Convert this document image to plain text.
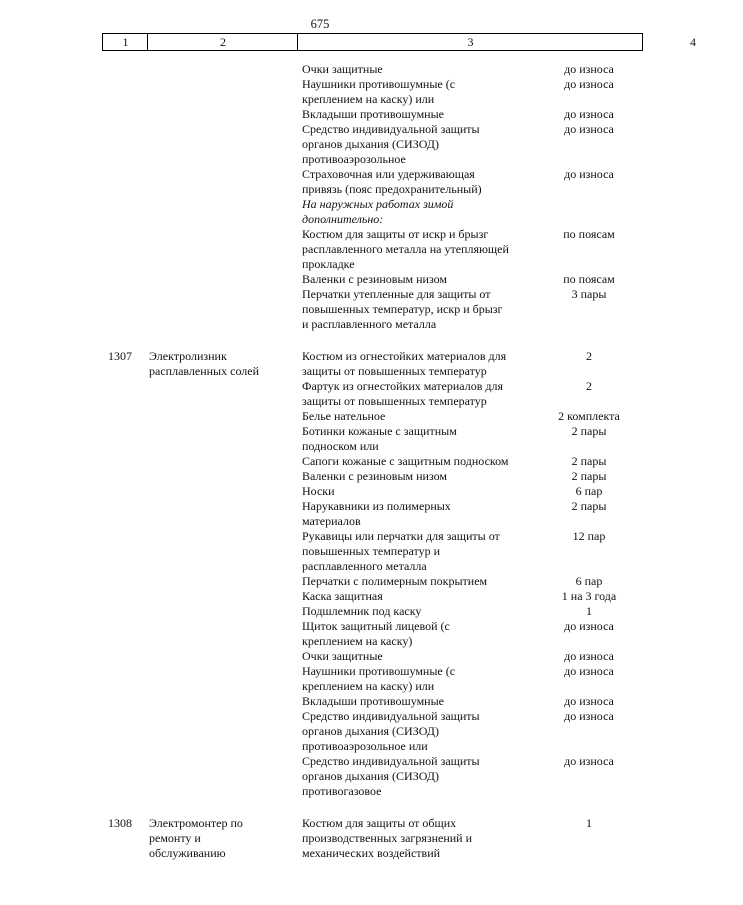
675
1	2	3	4
Очки защитные	до износа
Наушники противошумные (с
креплением на каску) или
до износа
Вкладыши противошумные	до износа
Средство индивидуальной защиты
органов дыхания (СИЗОД)
противоаэрозольное
до износа
Страховочная или удерживающая
привязь (пояс предохранительный)
до износа
На наружных работах зимой
дополнительно:
Костюм для защиты от искр и брызг
расплавленного металла на утепляющей
прокладке
по поясам
Валенки с резиновым низом	по поясам
Перчатки утепленные для защиты от
повышенных температур, искр и брызг
и расплавленного металла
3 пары
1307	Электролизник
расплавленных солей
Костюм из огнестойких материалов для
защиты от повышенных температур
2
Фартук из огнестойких материалов для
защиты от повышенных температур
2
Белье нательное	2 комплекта
Ботинки кожаные с защитным
подноском или
2 пары
Сапоги кожаные с защитным подноском	2 пары
Валенки с резиновым низом	2 пары
Носки	6 пар
Нарукавники из полимерных
материалов
2 пары
Рукавицы или перчатки для защиты от
повышенных температур и
расплавленного металла
12 пар
Перчатки с полимерным покрытием	6 пар
Каска защитная	1 на 3 года
Подшлемник под каску	1
Щиток защитный лицевой (с
креплением на каску)
до износа
Очки защитные	до износа
Наушники противошумные (с
креплением на каску) или
до износа
Вкладыши противошумные	до износа
Средство индивидуальной защиты
органов дыхания (СИЗОД)
противоаэрозольное или
до износа
Средство индивидуальной защиты
органов дыхания (СИЗОД)
противогазовое
до износа
1308	Электромонтер по
ремонту и
обслуживанию
Костюм для защиты от общих
производственных загрязнений и
механических воздействий
1
